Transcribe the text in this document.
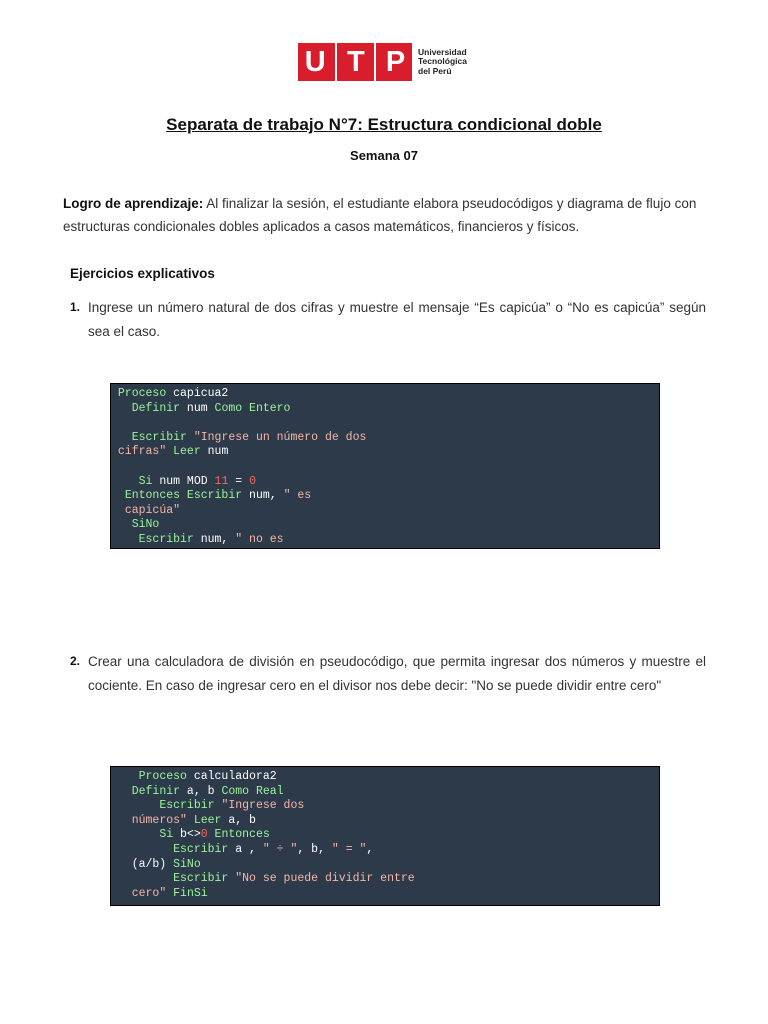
U T P Universidad
Tecnológica
del Perú
Separata de trabajo N°7: Estructura condicional doble
Semana 07
Logro de aprendizaje: Al finalizar la sesión, el estudiante elabora pseudocódigos y diagrama de flujo con estructuras condicionales dobles aplicados a casos matemáticos, financieros y físicos.
Ejercicios explicativos
1. Ingrese un número natural de dos cifras y muestre el mensaje “Es capicúa” o “No es capicúa” según sea el caso.
Proceso capicua2
Definir num Como Entero
Escribir "Ingrese un número de dos
cifras" Leer num
Si num MOD 11 = 0
Entonces Escribir num, " es
capicúa"
SiNo
Escribir num, " no es
2. Crear una calculadora de división en pseudocódigo, que permita ingresar dos números y muestre el cociente. En caso de ingresar cero en el divisor nos debe decir: "No se puede dividir entre cero"
Proceso calculadora2
Definir a, b Como Real
Escribir "Ingrese dos
números" Leer a, b
Si b<>0 Entonces
Escribir a , " ÷ ", b, " = ",
(a/b) SiNo
Escribir "No se puede dividir entre
cero" FinSi
